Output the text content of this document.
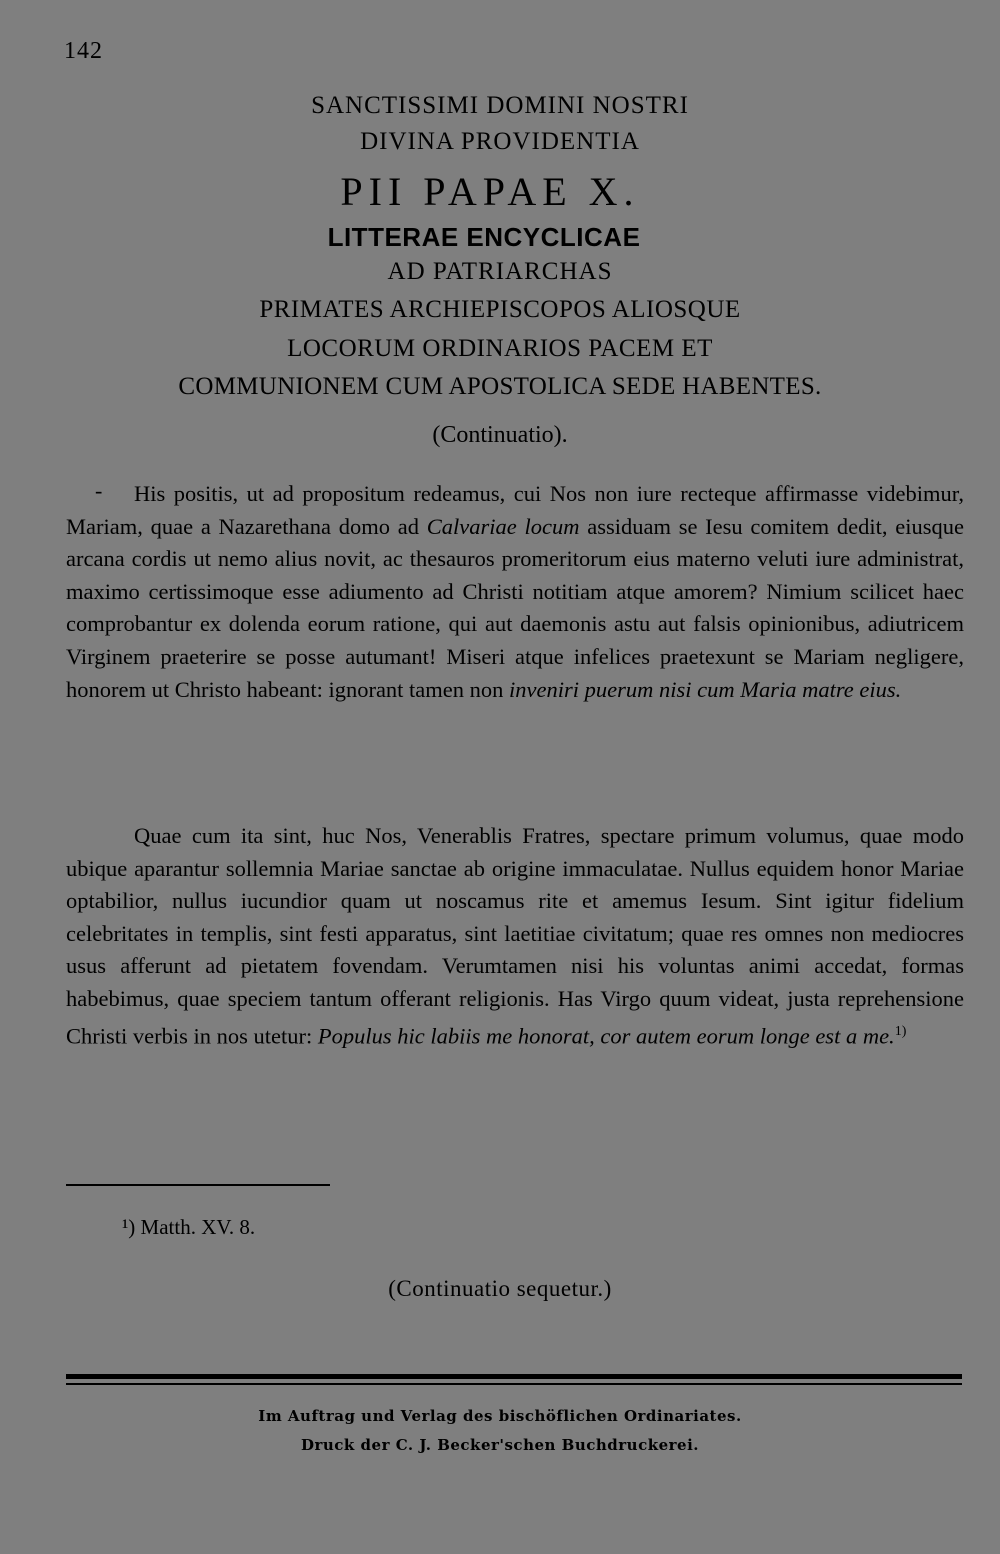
142
SANCTISSIMI DOMINI NOSTRI
DIVINA PROVIDENTIA
PII PAPAE X.
LITTERAE ENCYCLICAE
AD PATRIARCHAS
PRIMATES ARCHIEPISCOPOS ALIOSQUE
LOCORUM ORDINARIOS PACEM ET
COMMUNIONEM CUM APOSTOLICA SEDE HABENTES.
(Continuatio).
-	His positis, ut ad propositum redeamus, cui Nos non iure recteque affirmasse videbimur, Mariam, quae a Nazarethana domo ad Calvariae locum assiduam se Iesu comitem dedit, eiusque arcana cordis ut nemo alius novit, ac thesauros promeritorum eius materno veluti iure administrat, maximo certissimoque esse adiumento ad Christi notitiam atque amorem? Nimium scilicet haec comprobantur ex dolenda eorum ratione, qui aut daemonis astu aut falsis opinionibus, adiutricem Virginem praeterire se posse autumant! Miseri atque infelices praetexunt se Mariam negligere, honorem ut Christo habeant: ignorant tamen non inveniri puerum nisi cum Maria matre eius.

Quae cum ita sint, huc Nos, Venerablis Fratres, spectare primum volumus, quae modo ubique aparantur sollemnia Mariae sanctae ab origine immaculatae. Nullus equidem honor Mariae optabilior, nullus iucundior quam ut noscamus rite et amemus Iesum. Sint igitur fidelium celebritates in templis, sint festi apparatus, sint laetitiae civitatum; quae res omnes non mediocres usus afferunt ad pietatem fovendam. Verumtamen nisi his voluntas animi accedat, formas habebimus, quae speciem tantum offerant religionis. Has Virgo quum videat, justa reprehensione Christi verbis in nos utetur: Populus hic labiis me honorat, cor autem eorum longe est a me.$^{1)}$

¹) Matth. XV. 8.
(Continuatio sequetur.)
Im Auftrag und Verlag des bischöflichen Ordinariates.
Druck der C. J. Becker'schen Buchdruckerei.
